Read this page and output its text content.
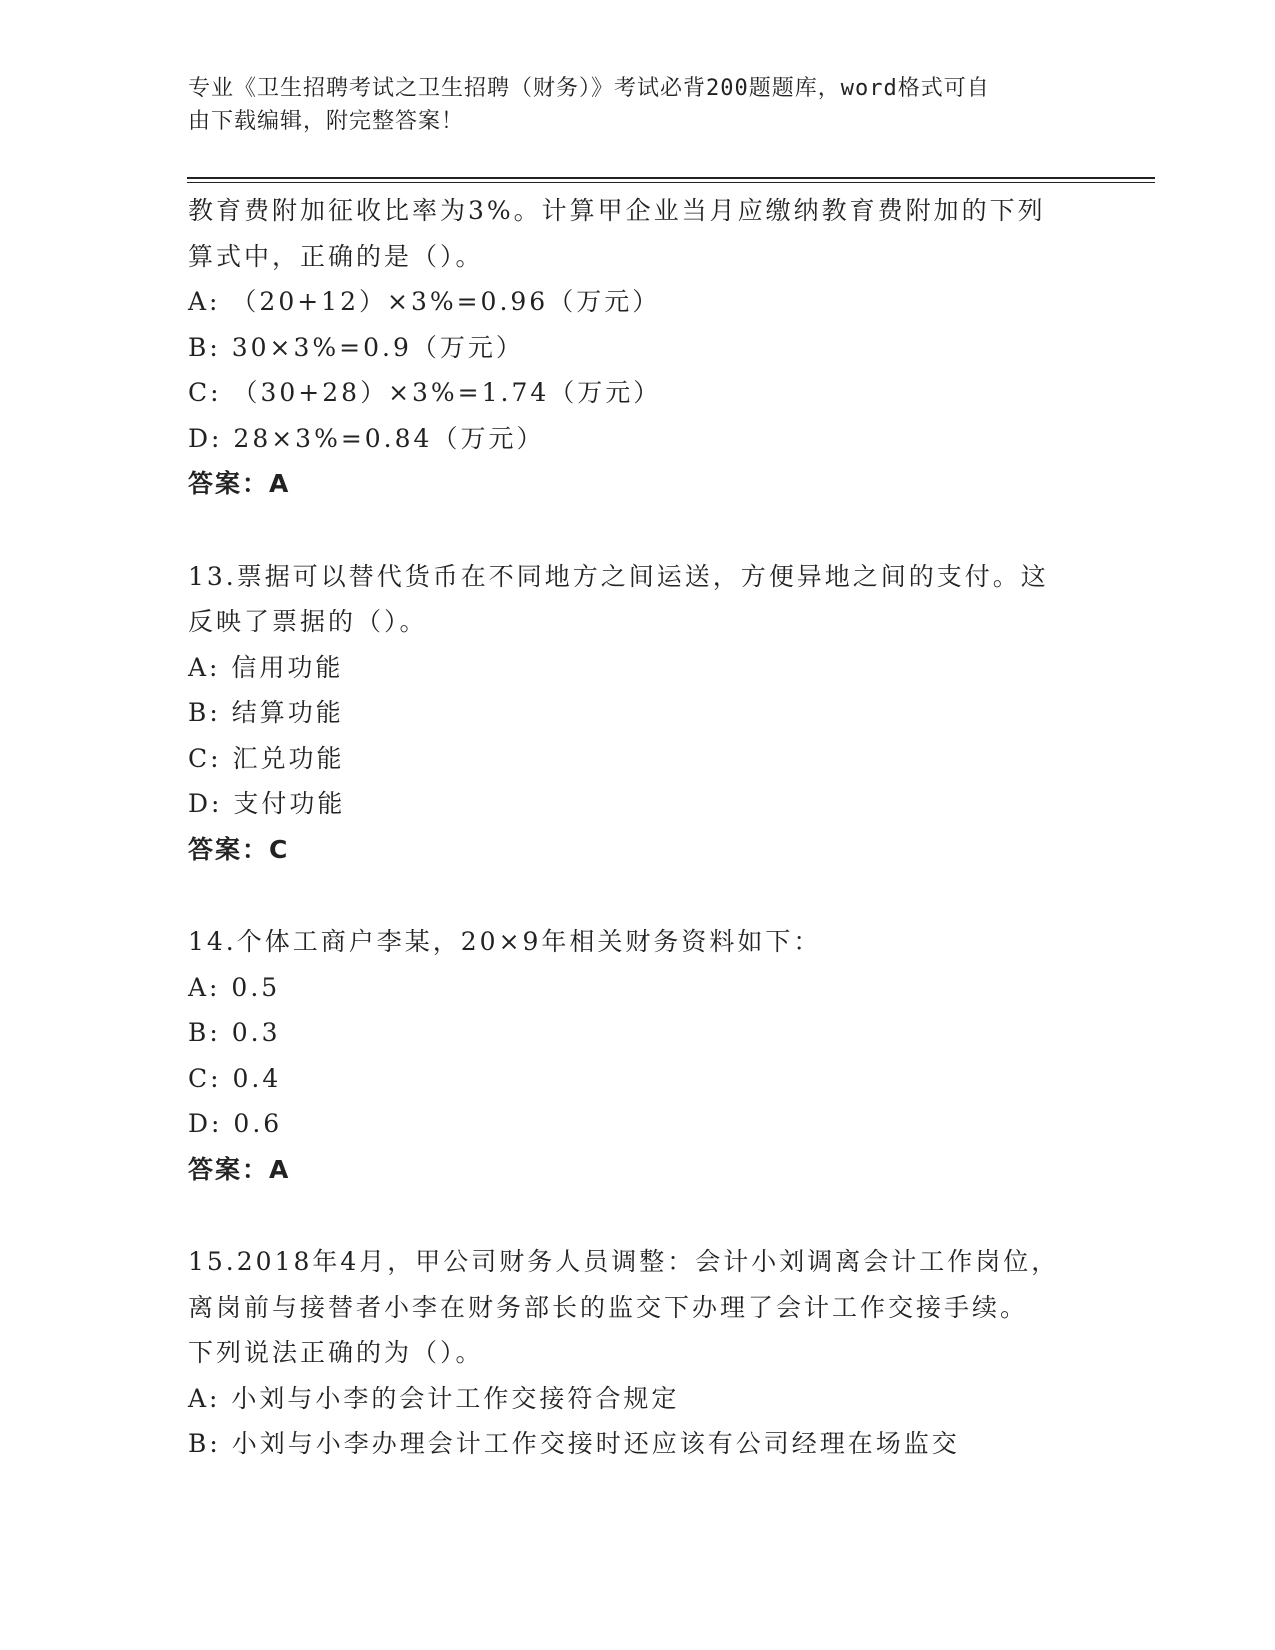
专业《卫生招聘考试之卫生招聘（财务）》考试必背200题题库，word格式可自
由下载编辑，附完整答案！
教育费附加征收比率为3%。计算甲企业当月应缴纳教育费附加的下列
算式中，正确的是（）。
A: （20+12）×3%=0.96（万元）
B: 30×3%=0.9（万元）
C: （30+28）×3%=1.74（万元）
D: 28×3%=0.84（万元）
答案：A
13.票据可以替代货币在不同地方之间运送，方便异地之间的支付。这
反映了票据的（）。
A: 信用功能
B: 结算功能
C: 汇兑功能
D: 支付功能
答案：C
14.个体工商户李某，20×9年相关财务资料如下：
A: 0.5
B: 0.3
C: 0.4
D: 0.6
答案：A
15.2018年4月，甲公司财务人员调整：会计小刘调离会计工作岗位，
离岗前与接替者小李在财务部长的监交下办理了会计工作交接手续。
下列说法正确的为（）。
A: 小刘与小李的会计工作交接符合规定
B: 小刘与小李办理会计工作交接时还应该有公司经理在场监交
